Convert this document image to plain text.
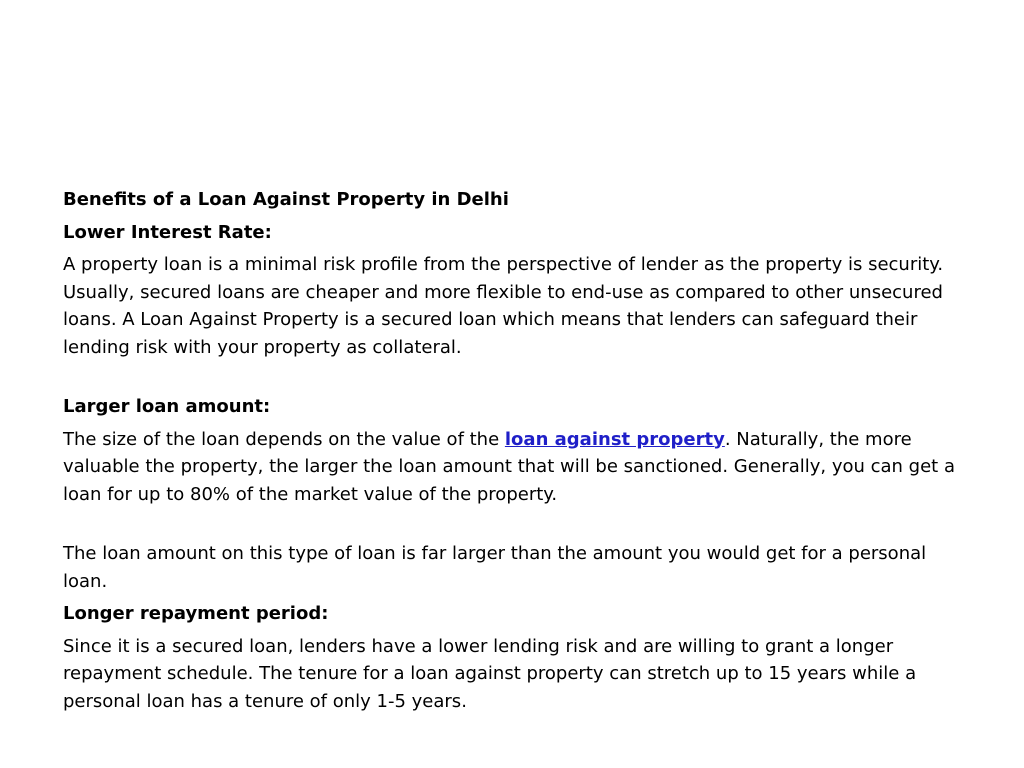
Benefits of a Loan Against Property in Delhi

Lower Interest Rate:

A property loan is a minimal risk profile from the perspective of lender as the property is security. Usually, secured loans are cheaper and more flexible to end-use as compared to other unsecured loans. A Loan Against Property is a secured loan which means that lenders can safeguard their lending risk with your property as collateral.

Larger loan amount:

The size of the loan depends on the value of the loan against property. Naturally, the more valuable the property, the larger the loan amount that will be sanctioned. Generally, you can get a loan for up to 80% of the market value of the property.

The loan amount on this type of loan is far larger than the amount you would get for a personal loan.

Longer repayment period:

Since it is a secured loan, lenders have a lower lending risk and are willing to grant a longer repayment schedule. The tenure for a loan against property can stretch up to 15 years while a personal loan has a tenure of only 1-5 years.
